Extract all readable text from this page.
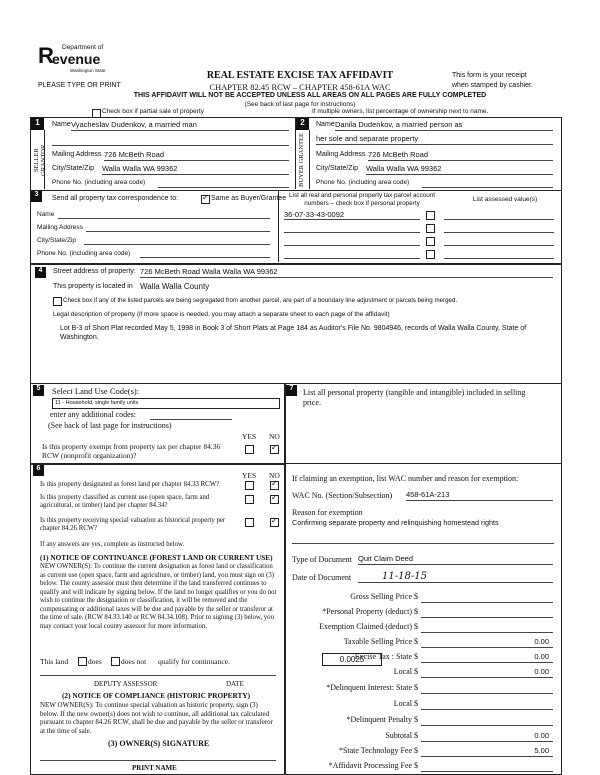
Department of
R
evenue
Washington State
PLEASE TYPE OR PRINT
REAL ESTATE EXCISE TAX AFFIDAVIT
CHAPTER 82.45 RCW – CHAPTER 458-61A WAC
This form is your receipt
when stamped by cashier.
THIS AFFIDAVIT WILL NOT BE ACCEPTED UNLESS ALL AREAS ON ALL PAGES ARE FULLY COMPLETED
(See back of last page for instructions)
Check box if partial sale of property	If multiple owners, list percentage of ownership next to name.
1
SELLER
Name Vyacheslav Dudenkov, a married man
Mailing Address 726 McBeth Road
City/State/Zip Walla Walla WA 99362
Phone No. (including area code)
2
BUYER GRANTEE
Name Danila Dudenkov, a married person as
her sole and separate property
Mailing Address 726 McBeth Road
City/State/Zip Walla Walla WA 99362
Phone No. (including area code)
3
Send all property tax correspondence to:
✓	Same as Buyer/Grantee
Name
Mailing Address
City/State/Zip
Phone No. (including area code)
List all real and personal property tax parcel account numbers – check box if personal property
List assessed value(s)
36-07-33-43-0092
4	Street address of property: 726 McBeth Road Walla Walla WA 99362
This property is located in Walla Walla County
Check box if any of the listed parcels are being segregated from another parcel, are part of a boundary line adjustment or parcels being merged.
Legal description of property (if more space is needed, you may attach a separate sheet to each page of the affidavit)
Lot B-3 of Short Plat recorded May 5, 1998 in Book 3 of Short Plats at Page 184 as Auditor's File No. 9804946, records of Walla Walla County, State of Washington.
5	Select Land Use Code(s):
11 - Household, single family units
enter any additional codes:
(See back of last page for instructions)
YES NO
Is this property exempt from property tax per chapter 84.36 RCW (nonprofit organization)?
✓
6
YES NO
Is this property designated as forest land per chapter 84.33 RCW?
✓
Is this property classified as current use (open space, farm and agricultural, or timber) land per chapter 84.34?
✓
Is this property receiving special valuation as historical property per chapter 84.26 RCW?
✓
If any answers are yes, complete as instructed below.
(1) NOTICE OF CONTINUANCE (FOREST LAND OR CURRENT USE)
NEW OWNER(S): To continue the current designation as forest land or classification as current use (open space, farm and agriculture, or timber) land, you must sign on (3) below. The county assessor must then determine if the land transferred continues to qualify and will indicate by signing below. If the land no longer qualifies or you do not wish to continue the designation or classification, it will be removed and the compensating or additional taxes will be due and payable by the seller or transferor at the time of sale. (RCW 84.33.140 or RCW 84.34.108). Prior to signing (3) below, you may contact your local county assessor for more information.
This land	does	does not qualify for continuance.
DEPUTY ASSESSOR	DATE
(2) NOTICE OF COMPLIANCE (HISTORIC PROPERTY)
NEW OWNER(S): To continue special valuation as historic property, sign (3) below. If the new owner(s) does not wish to continue, all additional tax calculated pursuant to chapter 84.26 RCW, shall be due and payable by the seller or transferor at the time of sale.
(3) OWNER(S) SIGNATURE
PRINT NAME
7	List all personal property (tangible and intangible) included in selling price.
If claiming an exemption, list WAC number and reason for exemption:
WAC No. (Section/Subsection) 458-61A-213
Reason for exemption
Confirming separate property and relinquishing homestead rights
Type of Document Quit Claim Deed
Date of Document	11-18-15
Gross Selling Price $
*Personal Property (deduct) $
Exemption Claimed (deduct) $
Taxable Selling Price $	0.00
Excise Tax : State $	0.00
Local $	0.00
*Delinquent Interest: State $
Local $
*Delinquent Penalty $
Subtotal $	0.00
*State Technology Fee $	5.00
*Affidavit Processing Fee $
0.0025
